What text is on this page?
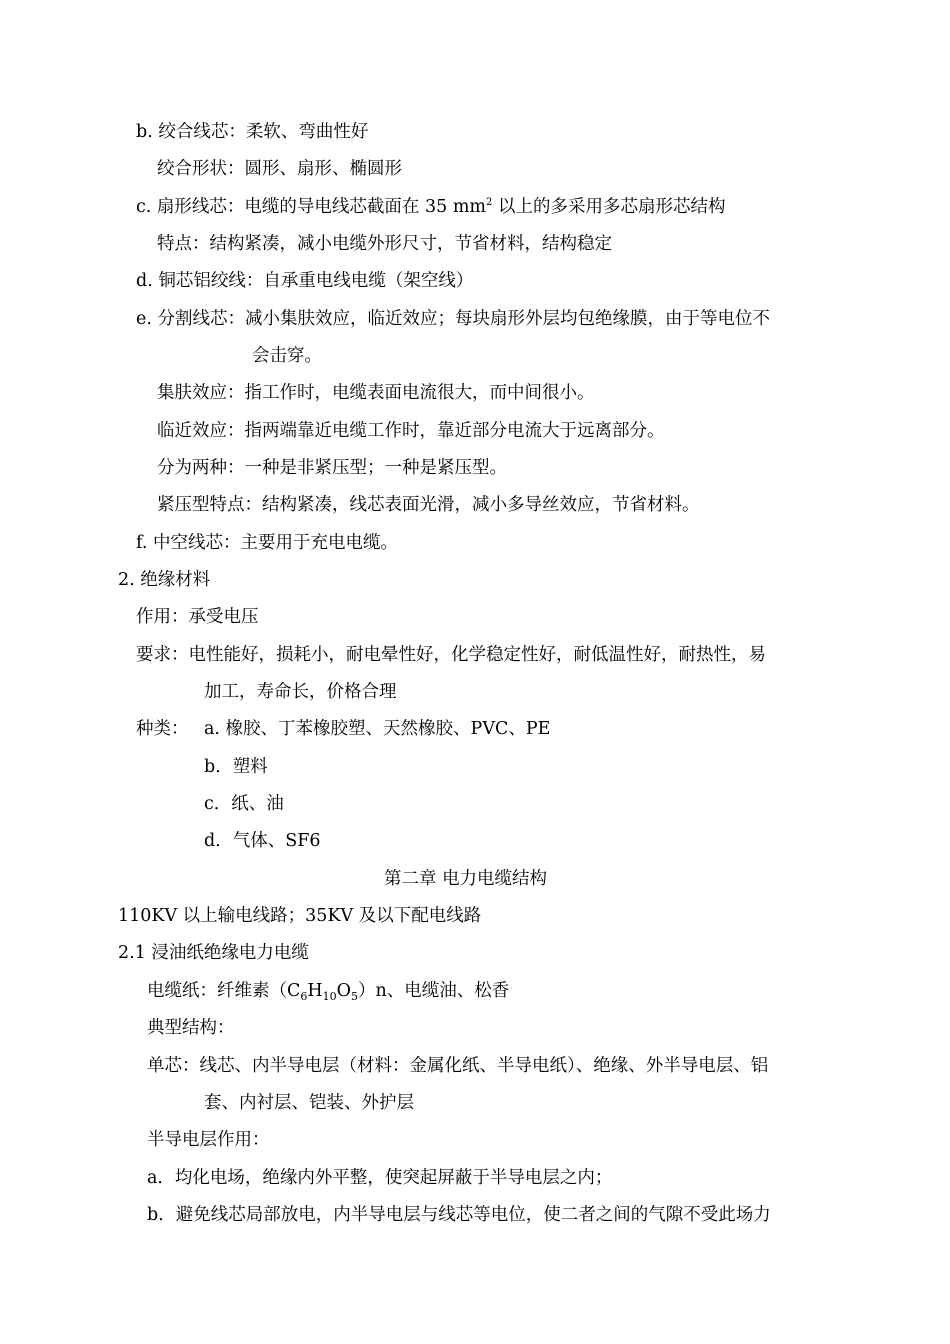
b. 绞合线芯：柔软、弯曲性好
绞合形状：圆形、扇形、椭圆形
c. 扇形线芯：电缆的导电线芯截面在 35 $mm^2$ 以上的多采用多芯扇形芯结构
特点：结构紧凑，减小电缆外形尺寸，节省材料，结构稳定
d. 铜芯铝绞线：自承重电线电缆（架空线）
e. 分割线芯：减小集肤效应，临近效应；每块扇形外层均包绝缘膜，由于等电位不
会击穿。
集肤效应：指工作时，电缆表面电流很大，而中间很小。
临近效应：指两端靠近电缆工作时，靠近部分电流大于远离部分。
分为两种：一种是非紧压型；一种是紧压型。
紧压型特点：结构紧凑，线芯表面光滑，减小多导丝效应，节省材料。
f. 中空线芯：主要用于充电电缆。
2. 绝缘材料
作用：承受电压
要求：电性能好，损耗小，耐电晕性好，化学稳定性好，耐低温性好，耐热性，易
加工，寿命长，价格合理
种类： a. 橡胶、丁苯橡胶塑、天然橡胶、PVC、PE
b．塑料
c．纸、油
d．气体、SF6
第二章 电力电缆结构
110KV 以上输电线路；35KV 及以下配电线路
2.1 浸油纸绝缘电力电缆
电缆纸：纤维素$(C_6H_{10}O_5)n$、电缆油、松香
典型结构：
单芯：线芯、内半导电层（材料：金属化纸、半导电纸）、绝缘、外半导电层、铝
套、内衬层、铠装、外护层
半导电层作用：
a．均化电场，绝缘内外平整，使突起屏蔽于半导电层之内；
b．避免线芯局部放电，内半导电层与线芯等电位，使二者之间的气隙不受此场力
